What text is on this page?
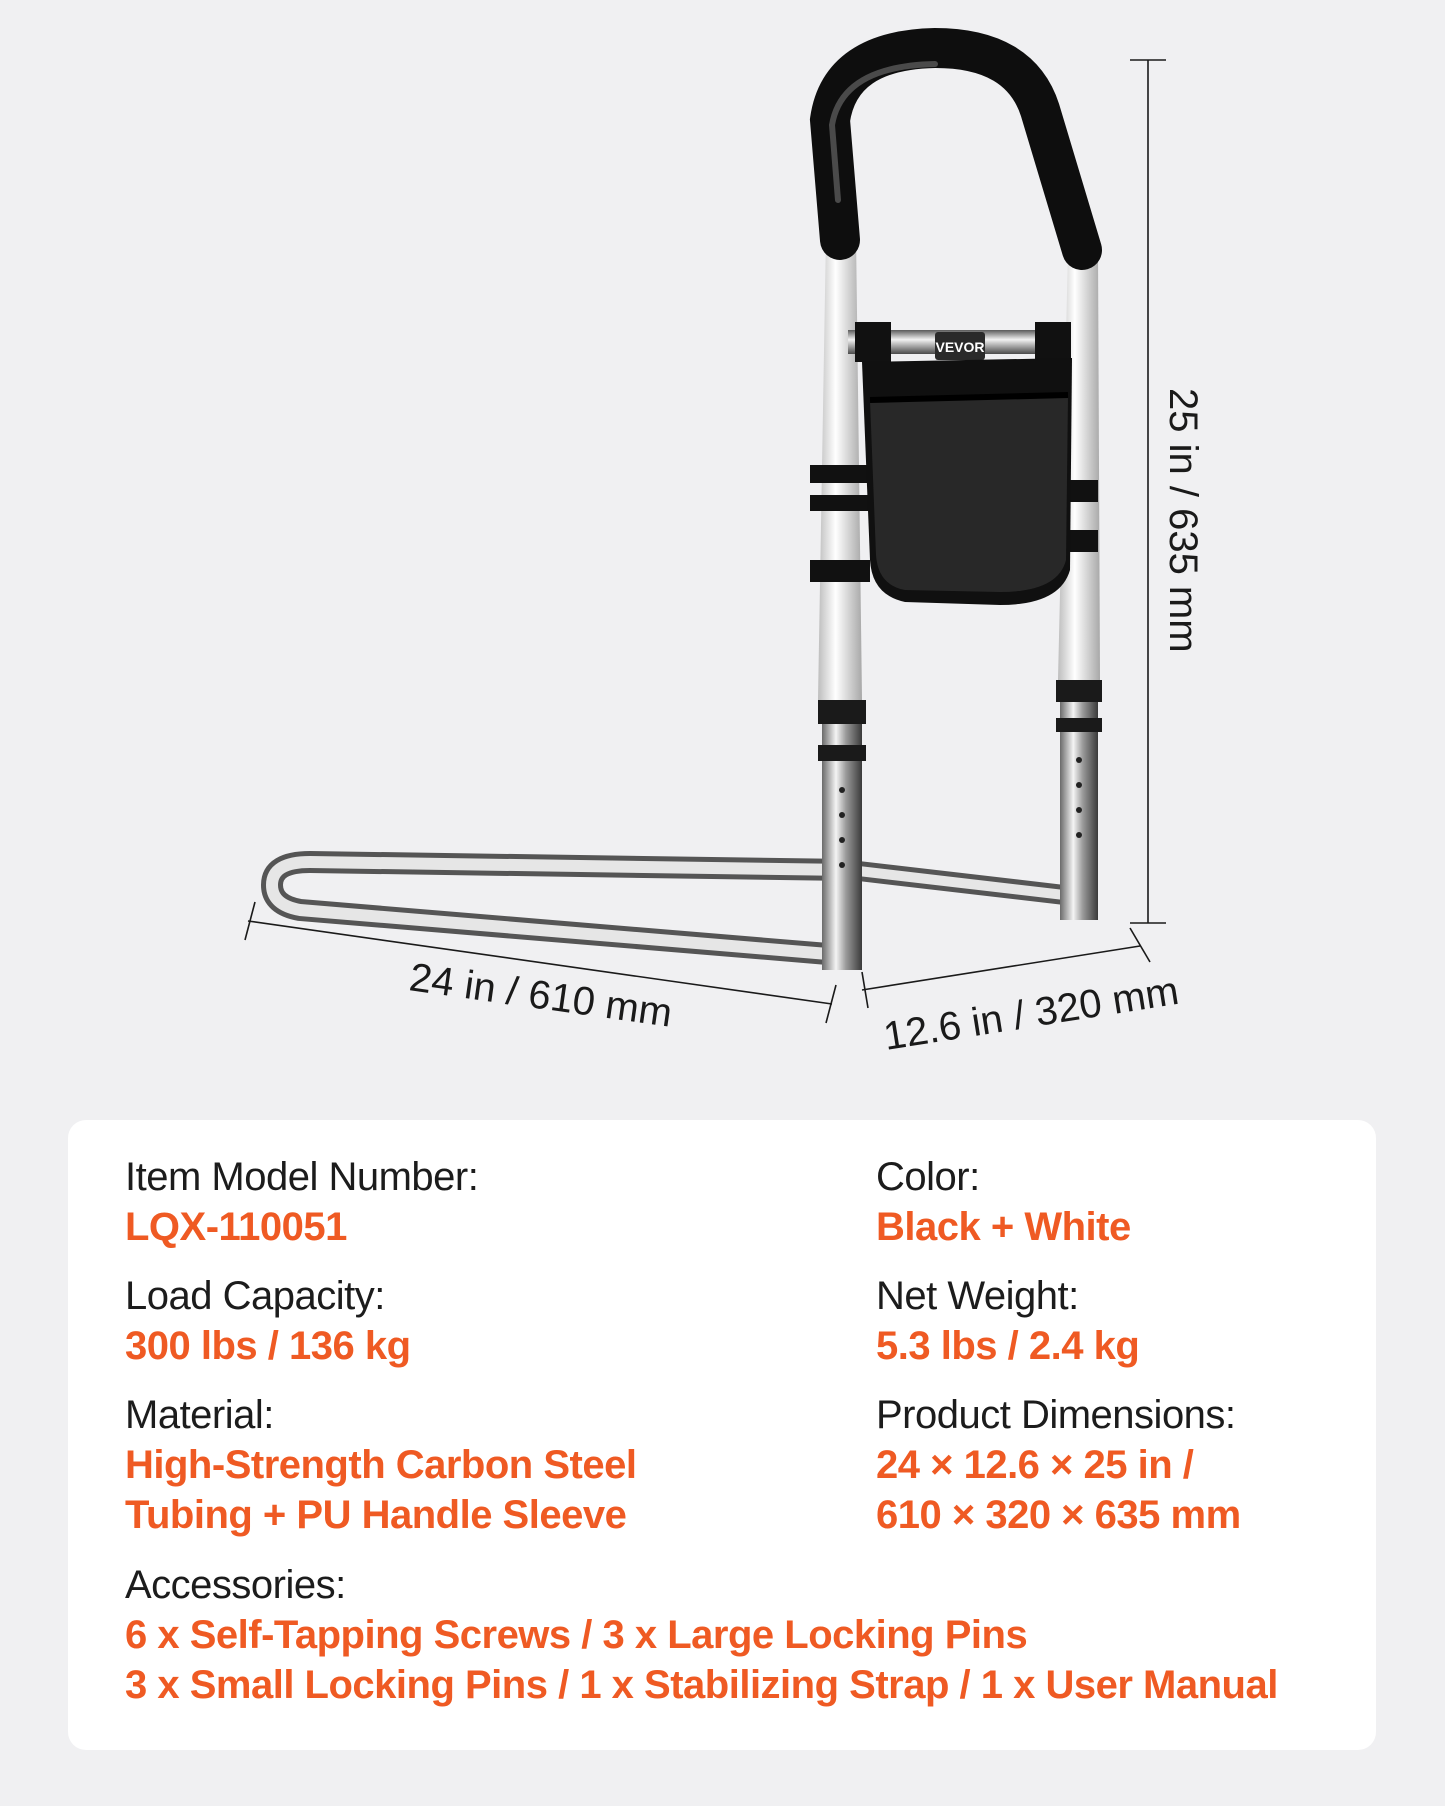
VEVOR
25 in / 635 mm
24 in / 610 mm	12.6 in / 320 mm
Item Model Number:
LQX-110051
Color:
Black + White
Load Capacity:
300 lbs / 136 kg
Net Weight:
5.3 lbs / 2.4 kg
Material:
High-Strength Carbon Steel
Tubing + PU Handle Sleeve
Product Dimensions:
24 × 12.6 × 25 in /
610 × 320 × 635 mm
Accessories:
6 x Self-Tapping Screws / 3 x Large Locking Pins
3 x Small Locking Pins / 1 x Stabilizing Strap / 1 x User Manual
